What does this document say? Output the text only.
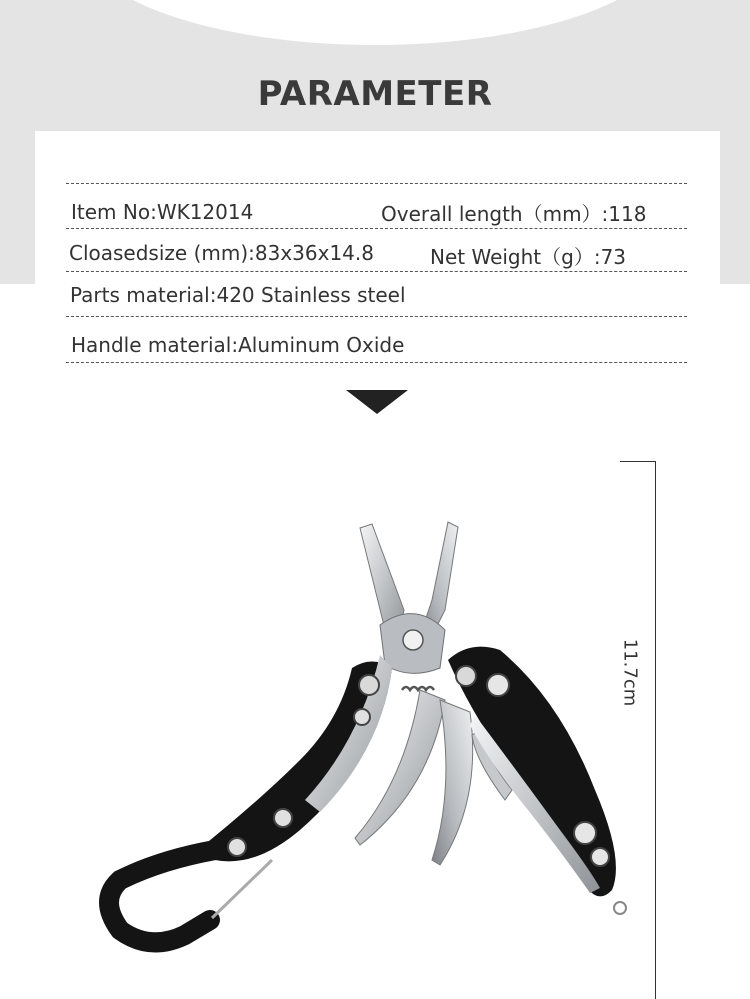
PARAMETER
Item No:WK12014	Overall length（mm）:118
Cloasedsize (mm):83x36x14.8	Net Weight（g）:73
Parts material:420 Stainless steel
Handle material:Aluminum Oxide
11.7cm
